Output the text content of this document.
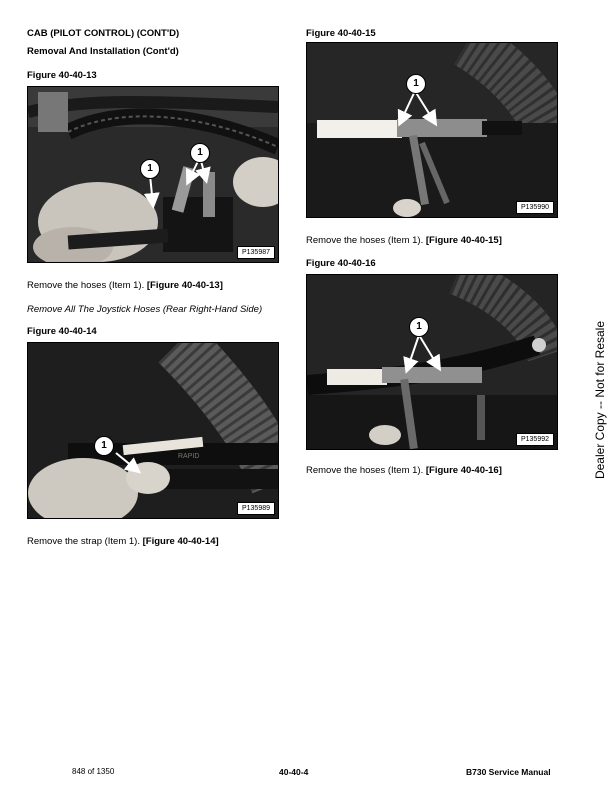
CAB (PILOT CONTROL) (CONT'D)
Removal And Installation (Cont'd)
Figure 40-40-13
1
1
P135987
Remove the hoses (Item 1). [Figure 40-40-13]
Remove All The Joystick Hoses (Rear Right-Hand Side)
Figure 40-40-14
RAPID
1
P135989
Remove the strap (Item 1). [Figure 40-40-14]
Figure 40-40-15
1
P135990
Remove the hoses (Item 1). [Figure 40-40-15]
Figure 40-40-16
1
P135992
Remove the hoses (Item 1). [Figure 40-40-16]	Dealer Copy -- Not for Resale
848 of 1350	40-40-4	B730 Service Manual
